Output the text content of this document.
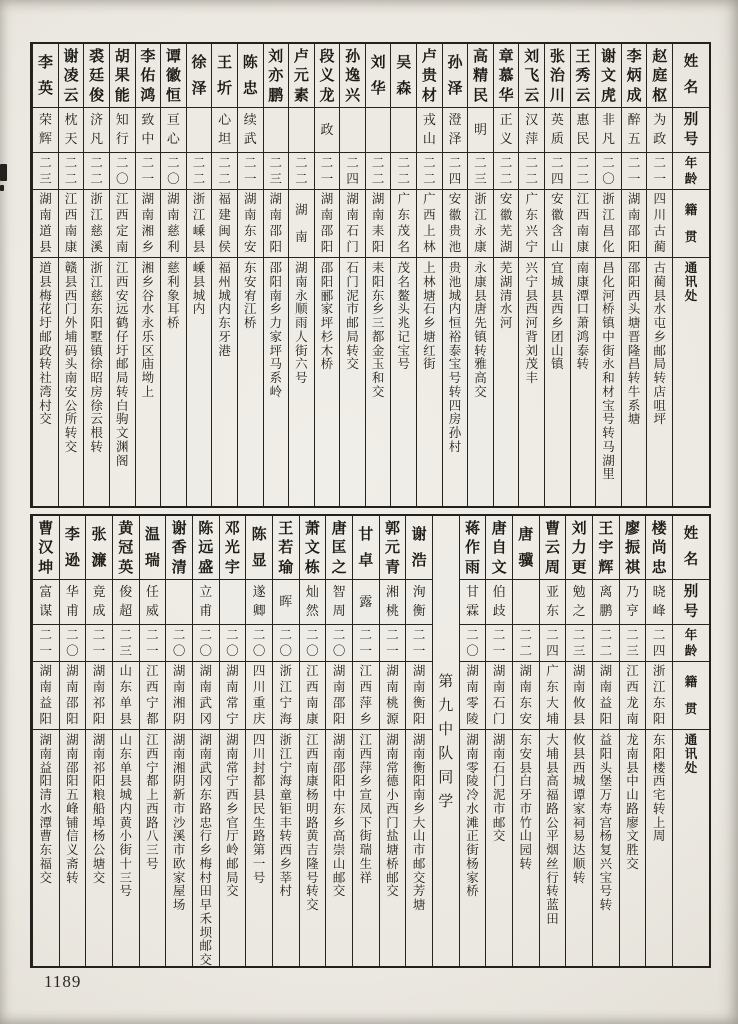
姓
名
别
号
年
龄
籍
贯
通
讯
处
赵
庭
枢
为
政
二
一
四
川
古
蔺
古
蔺
县
水
屯
乡
邮
局
转
店
咀
坪
李
炳
成
醉
五
二
一
湖
南
邵
阳
邵
阳
西
头
塘
晋
隆
昌
转
牛
系
塘
谢
文
虎
非
凡
二
〇
浙
江
昌
化
昌
化
河
桥
镇
中
街
永
和
材
宝
号
转
马
湖
里
王
秀
云
惠
民
二
二
江
西
南
康
南
康
潭
口
萧
鸿
泰
转
张
治
川
英
质
二
四
安
徽
含
山
宜
城
县
西
乡
团
山
镇
刘
飞
云
汉
萍
二
二
广
东
兴
宁
兴
宁
县
西
河
背
刘
茂
丰
章
慕
华
正
义
二
二
安
徽
芜
湖
芜
湖
清
水
河
高
精
民
明
二
三
浙
江
永
康
永
康
县
唐
先
镇
转
雅
高
交
孙
泽
澄
泽
二
四
安
徽
贵
池
贵
池
城
内
恒
裕
泰
宝
号
转
四
房
孙
村
卢
贵
材
戎
山
二
二
广
西
上
林
上
林
塘
石
乡
塘
红
街
吴
森
二
二
广
东
茂
名
茂
名
鳌
头
兆
记
宝
号
刘
华
二
二
湖
南
耒
阳
耒
阳
东
乡
三
都
金
玉
和
交
孙
逸
兴
二
四
湖
南
石
门
石
门
泥
市
邮
局
转
交
段
义
龙
政
二
一
湖
南
邵
阳
邵
阳
郦
家
坪
杉
木
桥
卢
元
素
二
二
湖
南
湖
南
永
顺
雨
人
街
六
号
刘
亦
鹏
二
三
湖
南
邵
阳
邵
阳
南
乡
力
家
坪
马
系
岭
陈
忠
续
武
二
一
湖
南
东
安
东
安
宥
江
桥
王
圻
心
坦
二
二
福
建
闽
侯
福
州
城
内
东
牙
港
徐
泽
二
二
浙
江
嵊
县
嵊
县
城
内
谭
徽
恒
亘
心
二
〇
湖
南
慈
利
慈
利
象
耳
桥
李
佑
鸿
致
中
二
一
湖
南
湘
乡
湘
乡
谷
水
永
乐
区
庙
坳
上
胡
果
能
知
行
二
〇
江
西
定
南
江
西
安
远
鹤
仔
圩
邮
局
转
白
驹
文
渊
阁
裘
廷
俊
济
凡
二
二
浙
江
慈
溪
浙
江
慈
东
阳
墅
镇
徐
昭
房
徐
云
根
转
谢
凌
云
枕
天
二
二
江
西
南
康
赣
县
西
门
外
埔
码
头
南
安
公
所
转
交
李
英
荣
辉
二
三
湖
南
道
县
道
县
梅
花
圩
邮
政
转
社
湾
村
交
姓
名
别
号
年
龄
籍
贯
通
讯
处
楼
尚
忠
晓
峰
二
四
浙
江
东
阳
东
阳
楼
西
宅
转
上
周
廖
振
祺
乃
亨
二
三
江
西
龙
南
龙
南
县
中
山
路
廖
文
胜
交
王
宇
辉
离
鹏
二
二
湖
南
益
阳
益
阳
头
堡
万
寿
宫
杨
复
兴
宝
号
转
刘
力
更
勉
之
二
三
湖
南
攸
县
攸
县
西
城
谭
家
祠
易
达
顺
转
曹
云
周
亚
东
二
四
广
东
大
埔
大
埔
县
高
福
路
公
平
烟
丝
行
转
蓝
田
唐
骥
二
二
湖
南
东
安
东
安
县
白
牙
市
竹
山
园
转
唐
自
文
伯
歧
二
一
湖
南
石
门
湖
南
石
门
泥
市
邮
交
蒋
作
雨
甘
霖
二
〇
湖
南
零
陵
湖
南
零
陵
冷
水
滩
正
街
杨
家
桥
第
九
中
队
同
学
谢
浩
洵
衡
二
一
湖
南
衡
阳
湖
南
衡
阳
南
乡
大
山
市
邮
交
芳
塘
郭
元
青
湘
桃
二
一
湖
南
桃
源
湖
南
常
德
小
西
门
盐
塘
桥
邮
交
甘
卓
露
二
一
江
西
萍
乡
江
西
萍
乡
宣
凤
下
街
瑞
生
祥
唐
匡
之
智
周
二
〇
湖
南
邵
阳
湖
南
邵
阳
中
东
乡
高
崇
山
邮
交
萧
文
栋
灿
然
二
〇
江
西
南
康
江
西
南
康
杨
明
路
黄
吉
隆
号
转
交
王
若
瑜
晖
二
〇
浙
江
宁
海
浙
江
宁
海
童
钜
丰
转
西
乡
莘
村
陈
显
遂
卿
二
〇
四
川
重
庆
四
川
封
都
县
民
生
路
第
一
号
邓
光
宇
二
〇
湖
南
常
宁
湖
南
常
宁
西
乡
官
厅
岭
邮
局
交
陈
远
盛
立
甫
二
〇
湖
南
武
冈
湖
南
武
冈
东
路
忠
行
乡
梅
村
田
早
禾
坝
邮
交
谢
香
清
二
〇
湖
南
湘
阴
湖
南
湘
阴
新
市
沙
溪
市
欧
家
屋
场
温
瑞
任
威
二
一
江
西
宁
都
江
西
宁
都
上
西
路
八
三
号
黄
冠
英
俊
超
二
三
山
东
单
县
山
东
单
县
城
内
黄
小
街
十
三
号
张
濂
竟
成
二
一
湖
南
祁
阳
湖
南
祁
阳
粮
船
埠
杨
公
塘
交
李
逊
华
甫
二
〇
湖
南
邵
阳
湖
南
邵
阳
五
峰
铺
信
义
斋
转
曹
汉
坤
富
谋
二
一
湖
南
益
阳
湖
南
益
阳
清
水
潭
曹
东
福
交
1189
